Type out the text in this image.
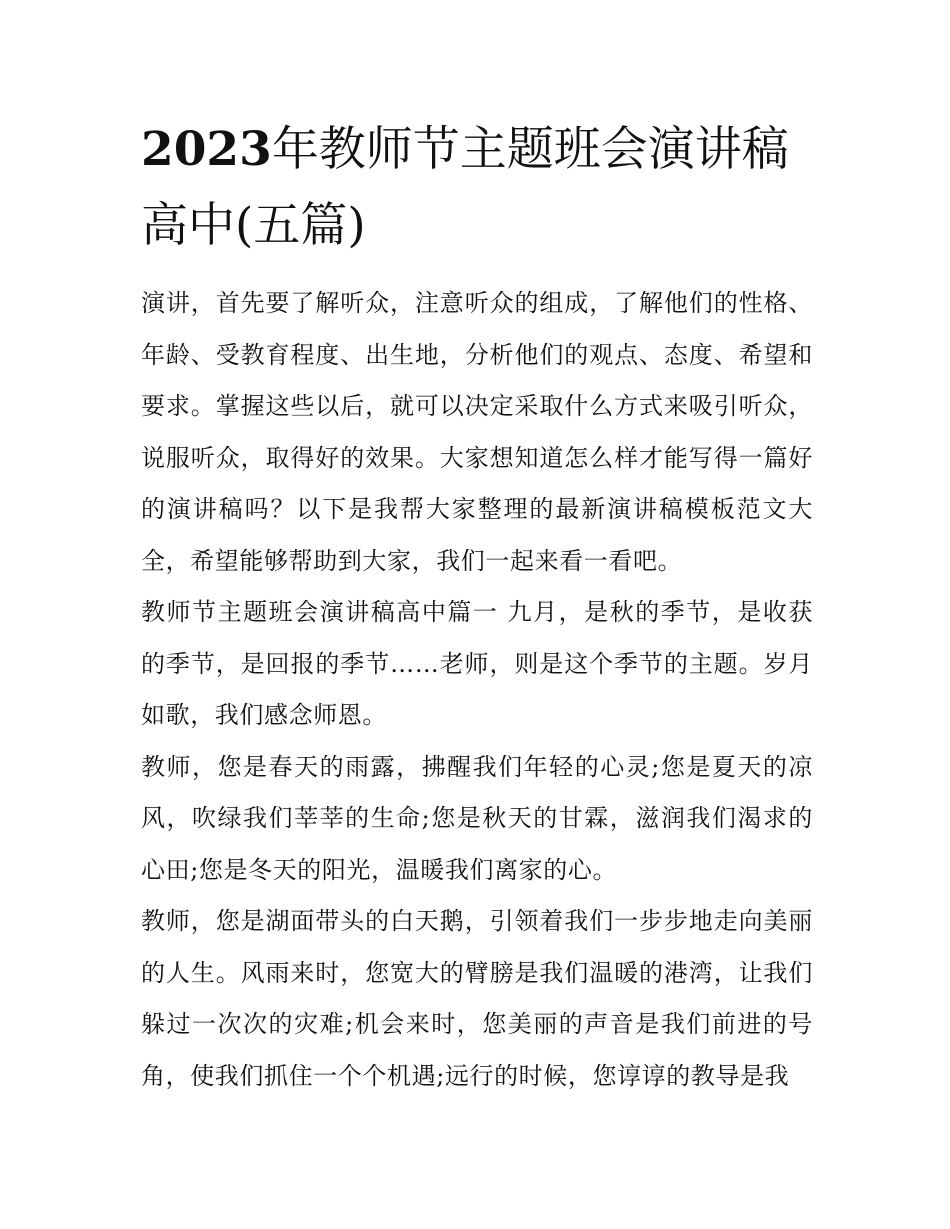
2023年教师节主题班会演讲稿高中(五篇)

演讲，首先要了解听众，注意听众的组成，了解他们的性格、年龄、受教育程度、出生地，分析他们的观点、态度、希望和要求。掌握这些以后，就可以决定采取什么方式来吸引听众，说服听众，取得好的效果。大家想知道怎么样才能写得一篇好的演讲稿吗？以下是我帮大家整理的最新演讲稿模板范文大全，希望能够帮助到大家，我们一起来看一看吧。

教师节主题班会演讲稿高中篇一 九月，是秋的季节，是收获的季节，是回报的季节……老师，则是这个季节的主题。岁月如歌，我们感念师恩。

教师，您是春天的雨露，拂醒我们年轻的心灵;您是夏天的凉风，吹绿我们莘莘的生命;您是秋天的甘霖，滋润我们渴求的心田;您是冬天的阳光，温暖我们离家的心。

教师，您是湖面带头的白天鹅，引领着我们一步步地走向美丽的人生。风雨来时，您宽大的臂膀是我们温暖的港湾，让我们躲过一次次的灾难;机会来时，您美丽的声音是我们前进的号角，使我们抓住一个个机遇;远行的时候，您谆谆的教导是我
